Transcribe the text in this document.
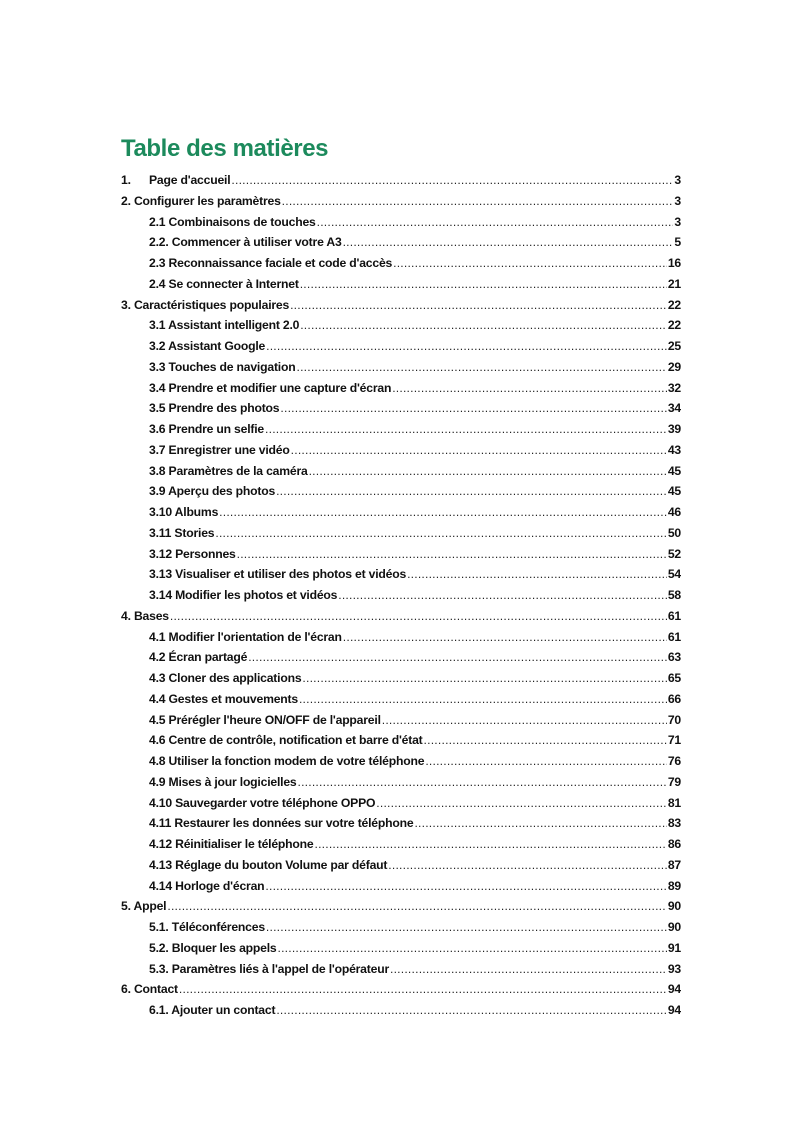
Table des matières
1.	Page d'accueil .....	3
2. Configurer les paramètres .....	3
2.1 Combinaisons de touches .....	3
2.2. Commencer à utiliser votre A3 .....	5
2.3 Reconnaissance faciale et code d'accès .....	16
2.4 Se connecter à Internet .....	21
3. Caractéristiques populaires .....	22
3.1 Assistant intelligent 2.0 .....	22
3.2 Assistant Google .....	25
3.3 Touches de navigation .....	29
3.4 Prendre et modifier une capture d'écran .....	32
3.5 Prendre des photos .....	34
3.6 Prendre un selfie .....	39
3.7 Enregistrer une vidéo .....	43
3.8 Paramètres de la caméra .....	45
3.9 Aperçu des photos .....	45
3.10 Albums .....	46
3.11 Stories .....	50
3.12 Personnes .....	52
3.13 Visualiser et utiliser des photos et vidéos .....	54
3.14 Modifier les photos et vidéos .....	58
4. Bases .....	61
4.1 Modifier l'orientation de l'écran .....	61
4.2 Écran partagé .....	63
4.3 Cloner des applications .....	65
4.4 Gestes et mouvements .....	66
4.5 Prérégler l'heure ON/OFF de l'appareil .....	70
4.6 Centre de contrôle, notification et barre d'état .....	71
4.8 Utiliser la fonction modem de votre téléphone .....	76
4.9 Mises à jour logicielles .....	79
4.10 Sauvegarder votre téléphone OPPO .....	81
4.11 Restaurer les données sur votre téléphone .....	83
4.12 Réinitialiser le téléphone .....	86
4.13 Réglage du bouton Volume par défaut .....	87
4.14 Horloge d'écran .....	89
5. Appel .....	90
5.1. Téléconférences .....	90
5.2. Bloquer les appels .....	91
5.3. Paramètres liés à l'appel de l'opérateur .....	93
6. Contact .....	94
6.1. Ajouter un contact .....	94
